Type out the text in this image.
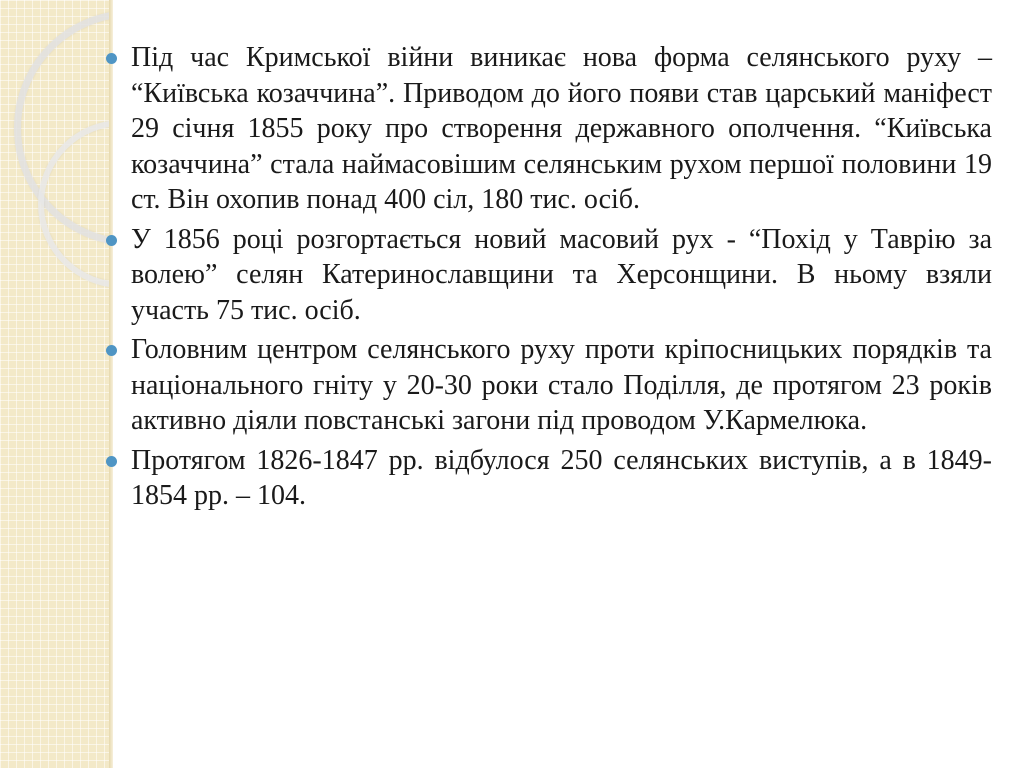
Під час Кримської війни виникає нова форма селянського руху – “Київська козаччина”. Приводом до його появи став царський маніфест 29 січня 1855 року про створення державного ополчення. “Київська козаччина” стала наймасовішим селянським рухом першої половини 19 ст. Він охопив понад 400 сіл, 180 тис. осіб.
У 1856 році розгортається новий масовий рух - “Похід у Таврію за волею” селян Катеринославщини та Херсонщини. В ньому взяли участь 75 тис. осіб.
Головним центром селянського руху проти кріпосницьких порядків та національного гніту у 20-30 роки стало Поділля, де протягом 23 років активно діяли повстанські загони під проводом У.Кармелюка.
Протягом 1826-1847 рр. відбулося 250 селянських виступів, а в 1849-1854 рр. – 104.
